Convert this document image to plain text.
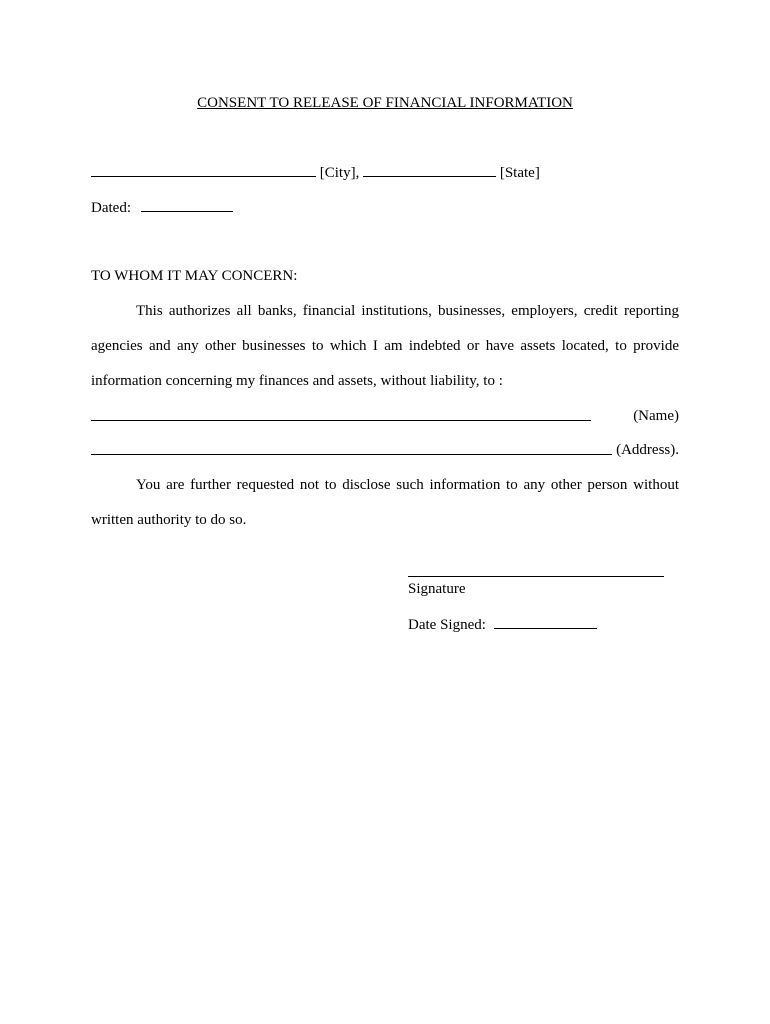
CONSENT TO RELEASE OF FINANCIAL INFORMATION
[City],	[State]
Dated:
TO WHOM IT MAY CONCERN:
This authorizes all banks, financial institutions, businesses, employers, credit reporting
agencies and any other businesses to which I am indebted or have assets located, to provide
information concerning my finances and assets, without liability, to :
(Name)
(Address).
You are further requested not to disclose such information to any other person without
written authority to do so.
Signature
Date Signed:
